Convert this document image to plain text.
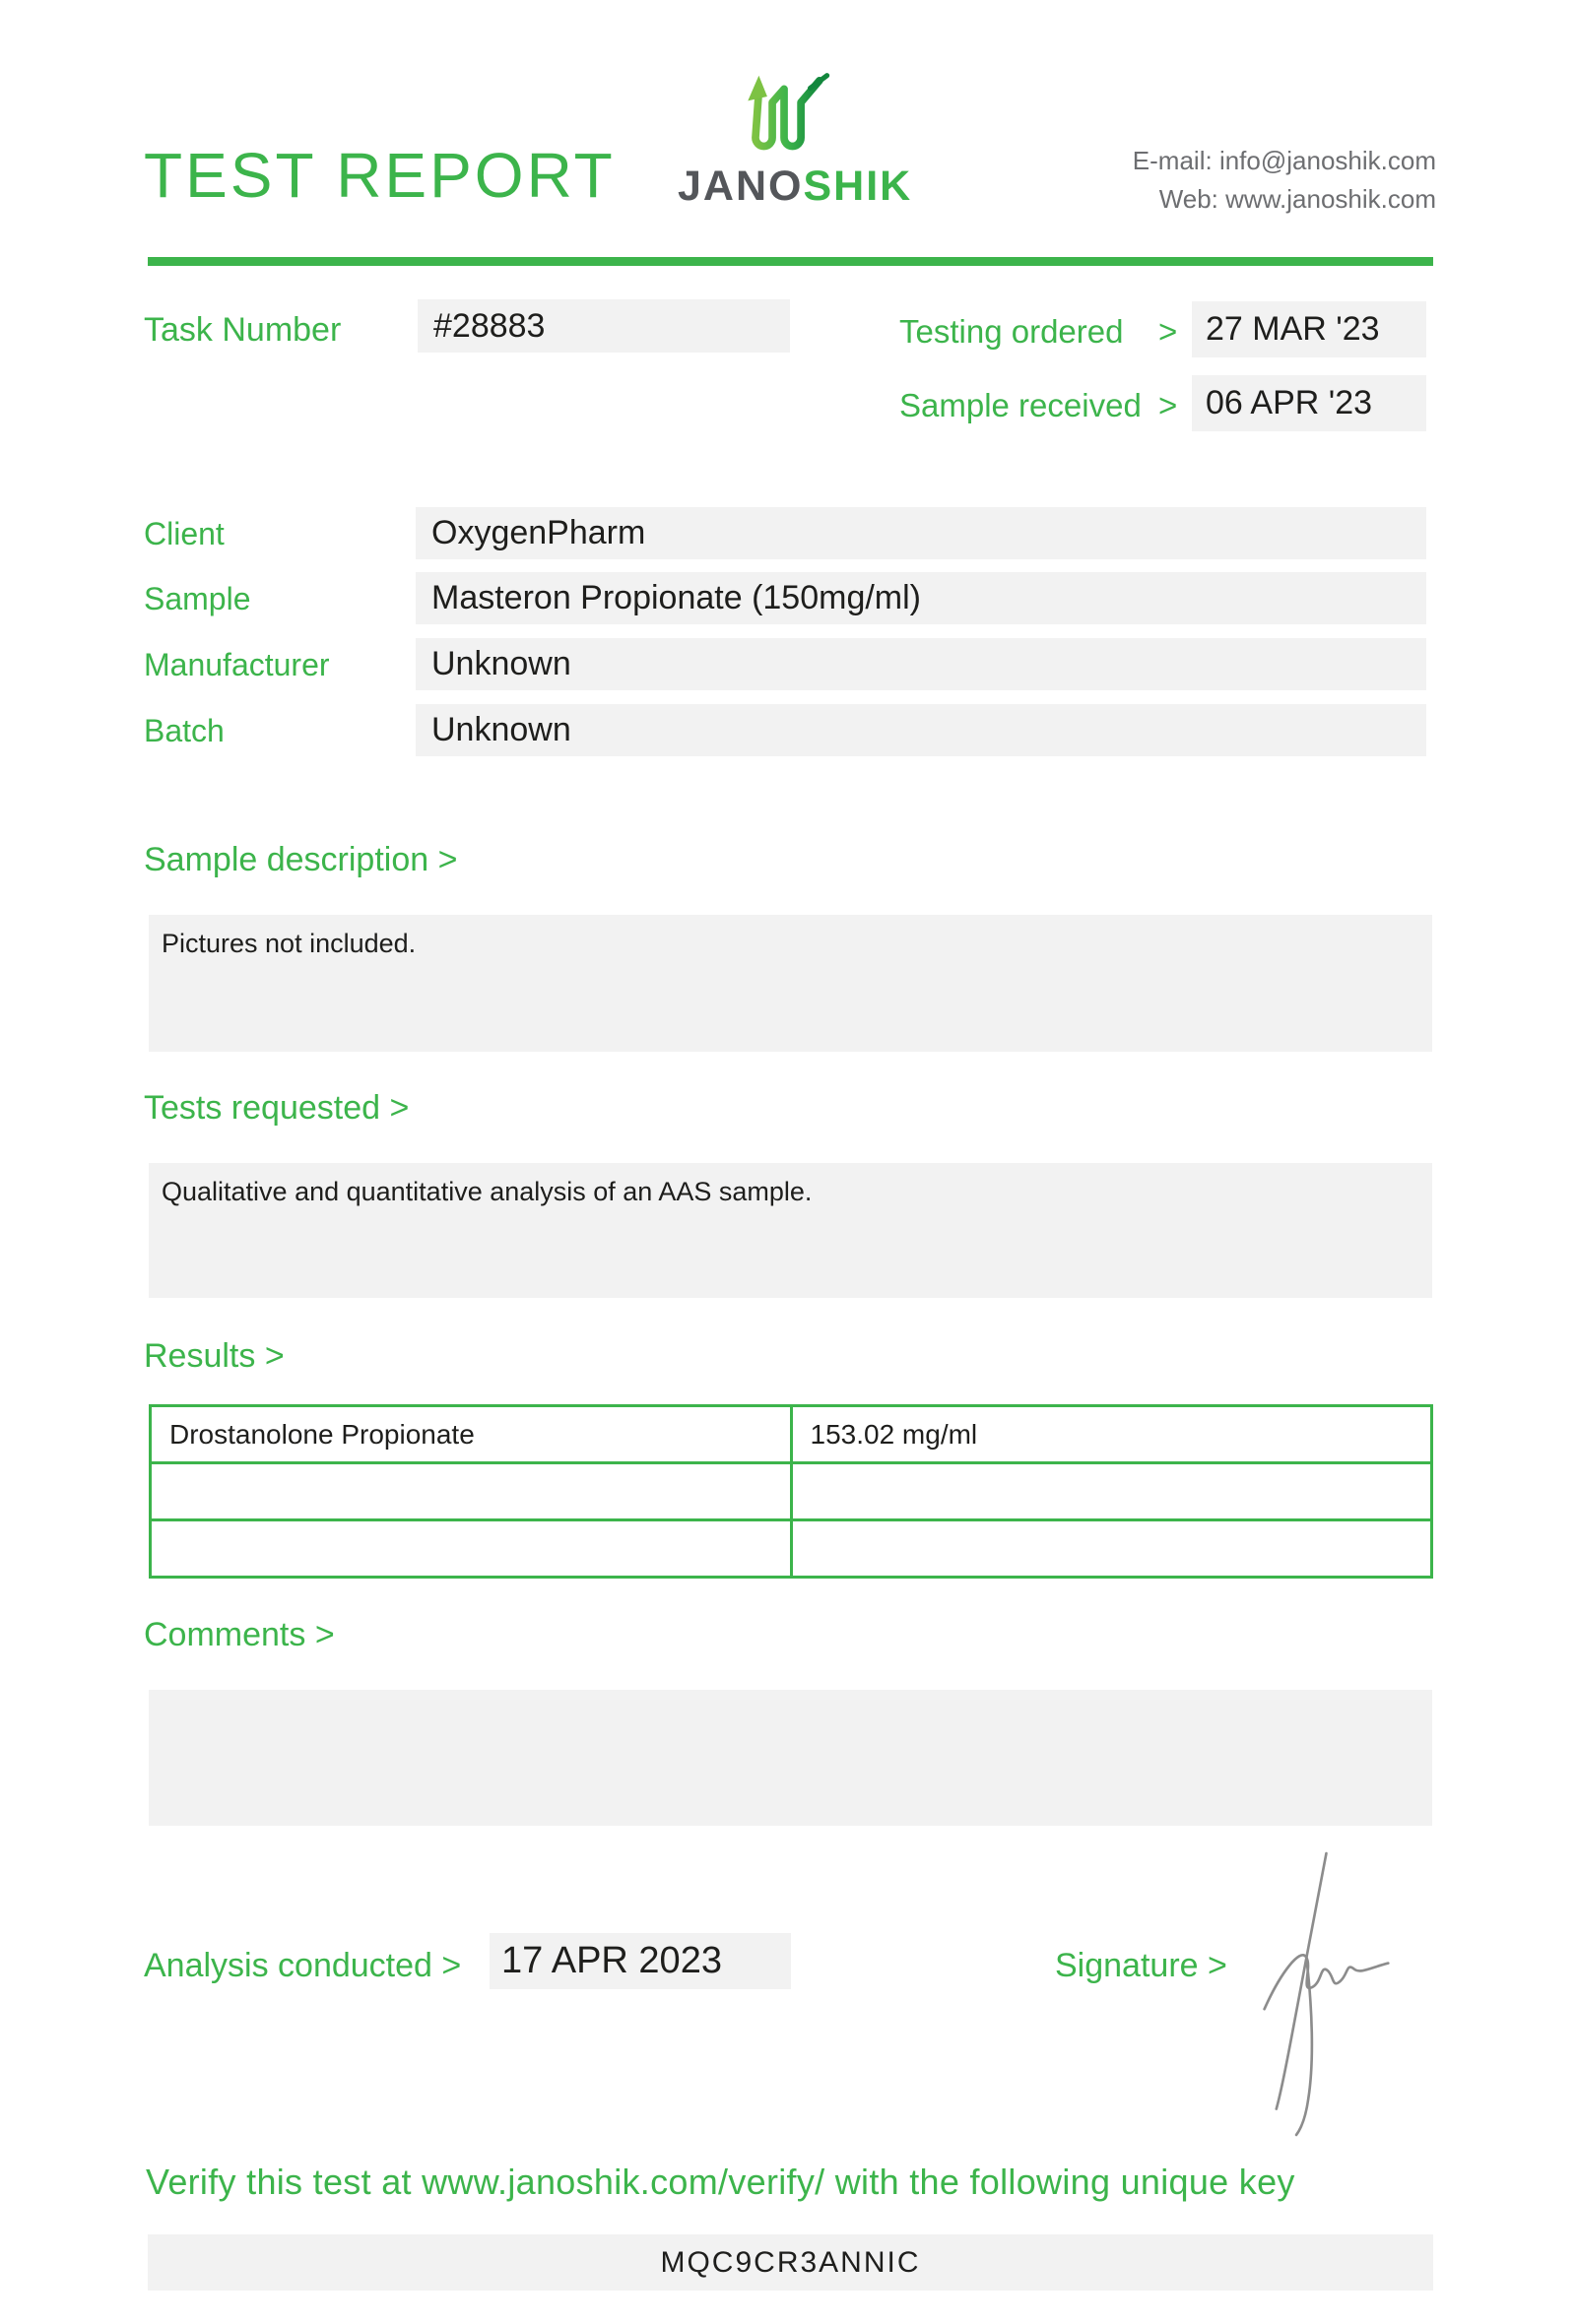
TEST REPORT JANOSHIK
E-mail: info@janoshik.com
Web: www.janoshik.com
Task Number	#28883	Testing ordered > 27 MAR '23
Sample received > 06 APR '23
Client	OxygenPharm
Sample	Masteron Propionate (150mg/ml)
Manufacturer	Unknown
Batch	Unknown
Sample description >
Pictures not included.
Tests requested >
Qualitative and quantitative analysis of an AAS sample.
Results >
Drostanolone Propionate	153.02 mg/ml

Comments >
Analysis conducted >	17 APR 2023	Signature >
Verify this test at www.janoshik.com/verify/ with the following unique key
MQC9CR3ANNIC
